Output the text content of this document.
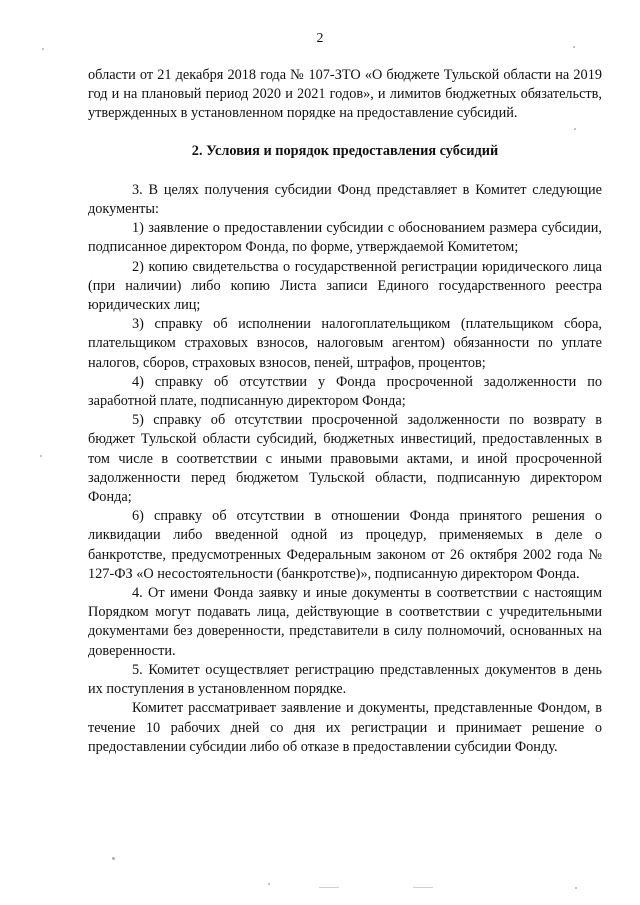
2

области от 21 декабря 2018 года № 107-ЗТО «О бюджете Тульской области на 2019 год и на плановый период 2020 и 2021 годов», и лимитов бюджетных обязательств, утвержденных в установленном порядке на предоставление субсидий.

2. Условия и порядок предоставления субсидий

3. В целях получения субсидии Фонд представляет в Комитет следующие документы:

1) заявление о предоставлении субсидии с обоснованием размера субсидии, подписанное директором Фонда, по форме, утверждаемой Комитетом;

2) копию свидетельства о государственной регистрации юридического лица (при наличии) либо копию Листа записи Единого государственного реестра юридических лиц;

3) справку об исполнении налогоплательщиком (плательщиком сбора, плательщиком страховых взносов, налоговым агентом) обязанности по уплате налогов, сборов, страховых взносов, пеней, штрафов, процентов;

4) справку об отсутствии у Фонда просроченной задолженности по заработной плате, подписанную директором Фонда;

5) справку об отсутствии просроченной задолженности по возврату в бюджет Тульской области субсидий, бюджетных инвестиций, предоставленных в том числе в соответствии с иными правовыми актами, и иной просроченной задолженности перед бюджетом Тульской области, подписанную директором Фонда;

6) справку об отсутствии в отношении Фонда принятого решения о ликвидации либо введенной одной из процедур, применяемых в деле о банкротстве, предусмотренных Федеральным законом от 26 октября 2002 года № 127-ФЗ «О несостоятельности (банкротстве)», подписанную директором Фонда.

4. От имени Фонда заявку и иные документы в соответствии с настоящим Порядком могут подавать лица, действующие в соответствии с учредительными документами без доверенности, представители в силу полномочий, основанных на доверенности.

5. Комитет осуществляет регистрацию представленных документов в день их поступления в установленном порядке.

Комитет рассматривает заявление и документы, представленные Фондом, в течение 10 рабочих дней со дня их регистрации и принимает решение о предоставлении субсидии либо об отказе в предоставлении субсидии Фонду.
